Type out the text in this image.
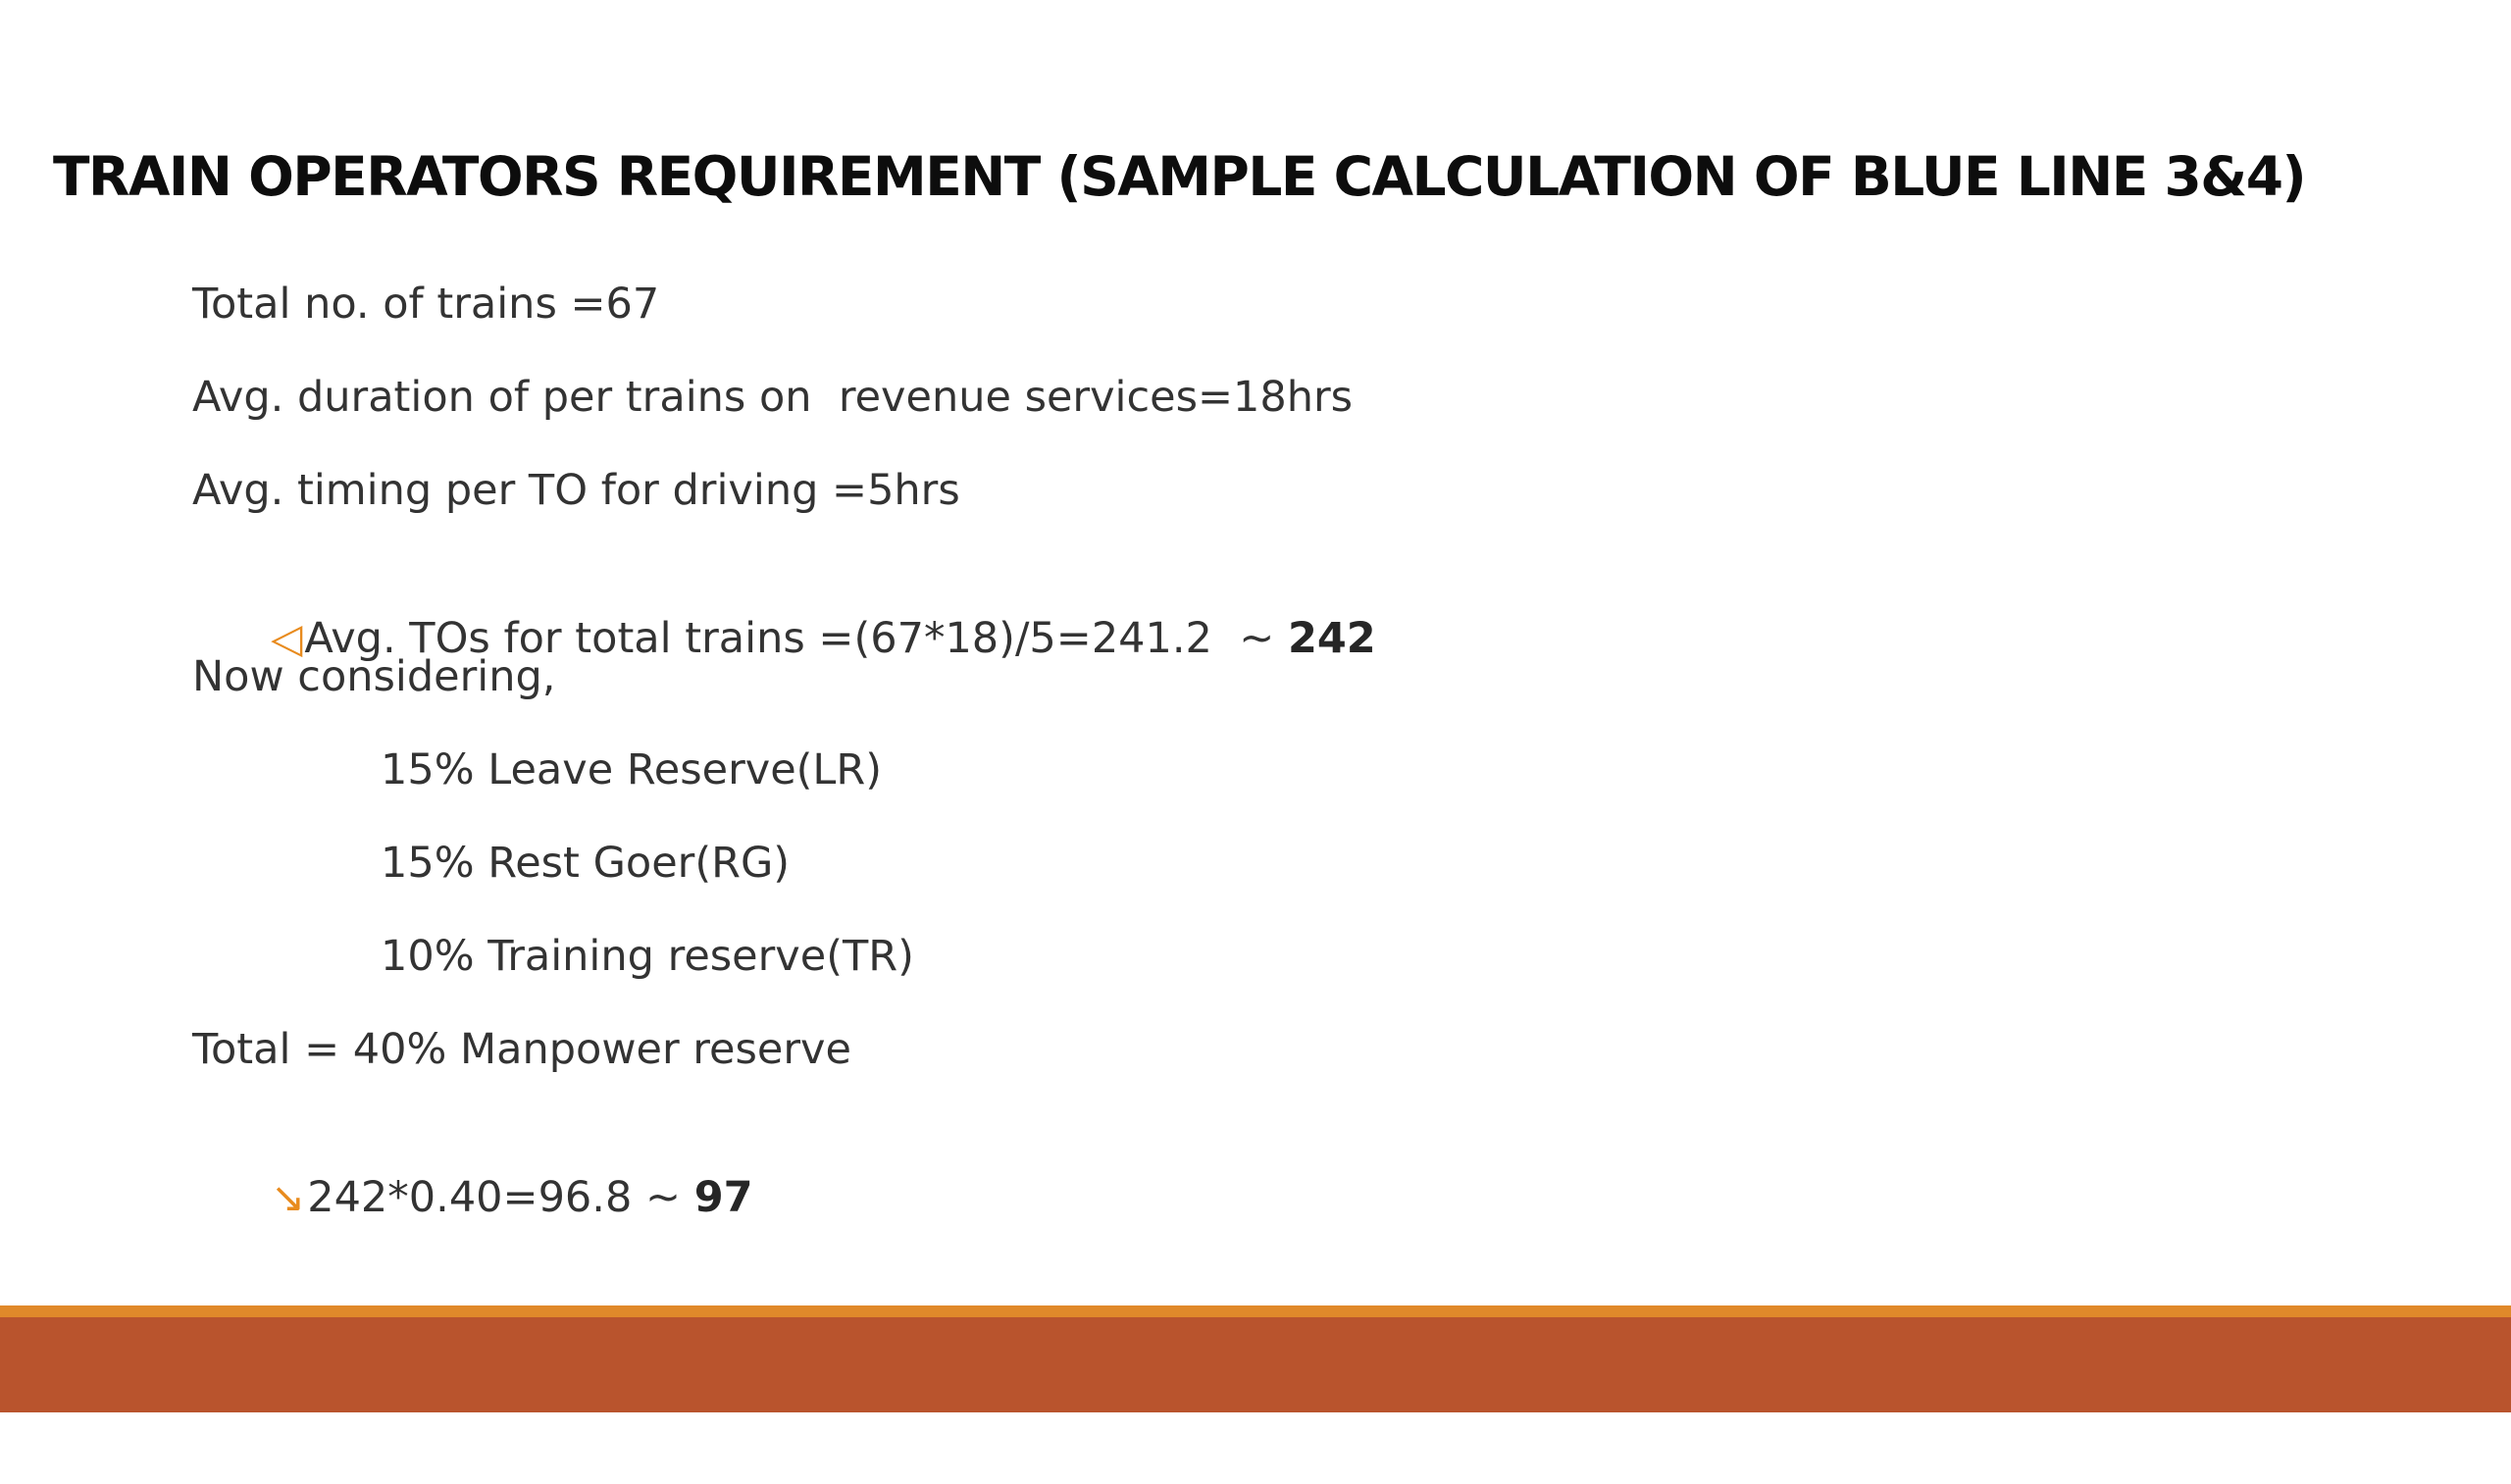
TRAIN OPERATORS REQUIREMENT (SAMPLE CALCULATION OF BLUE LINE 3&4)
Total no. of trains =67
Avg. duration of per trains on  revenue services=18hrs
Avg. timing per TO for driving =5hrs

◁Avg. TOs for total trains =(67*18)/5=241.2  ~ 242

Now considering,
15% Leave Reserve(LR)
15% Rest Goer(RG)
10% Training reserve(TR)
Total = 40% Manpower reserve

↘242*0.40=96.8 ~ 97
